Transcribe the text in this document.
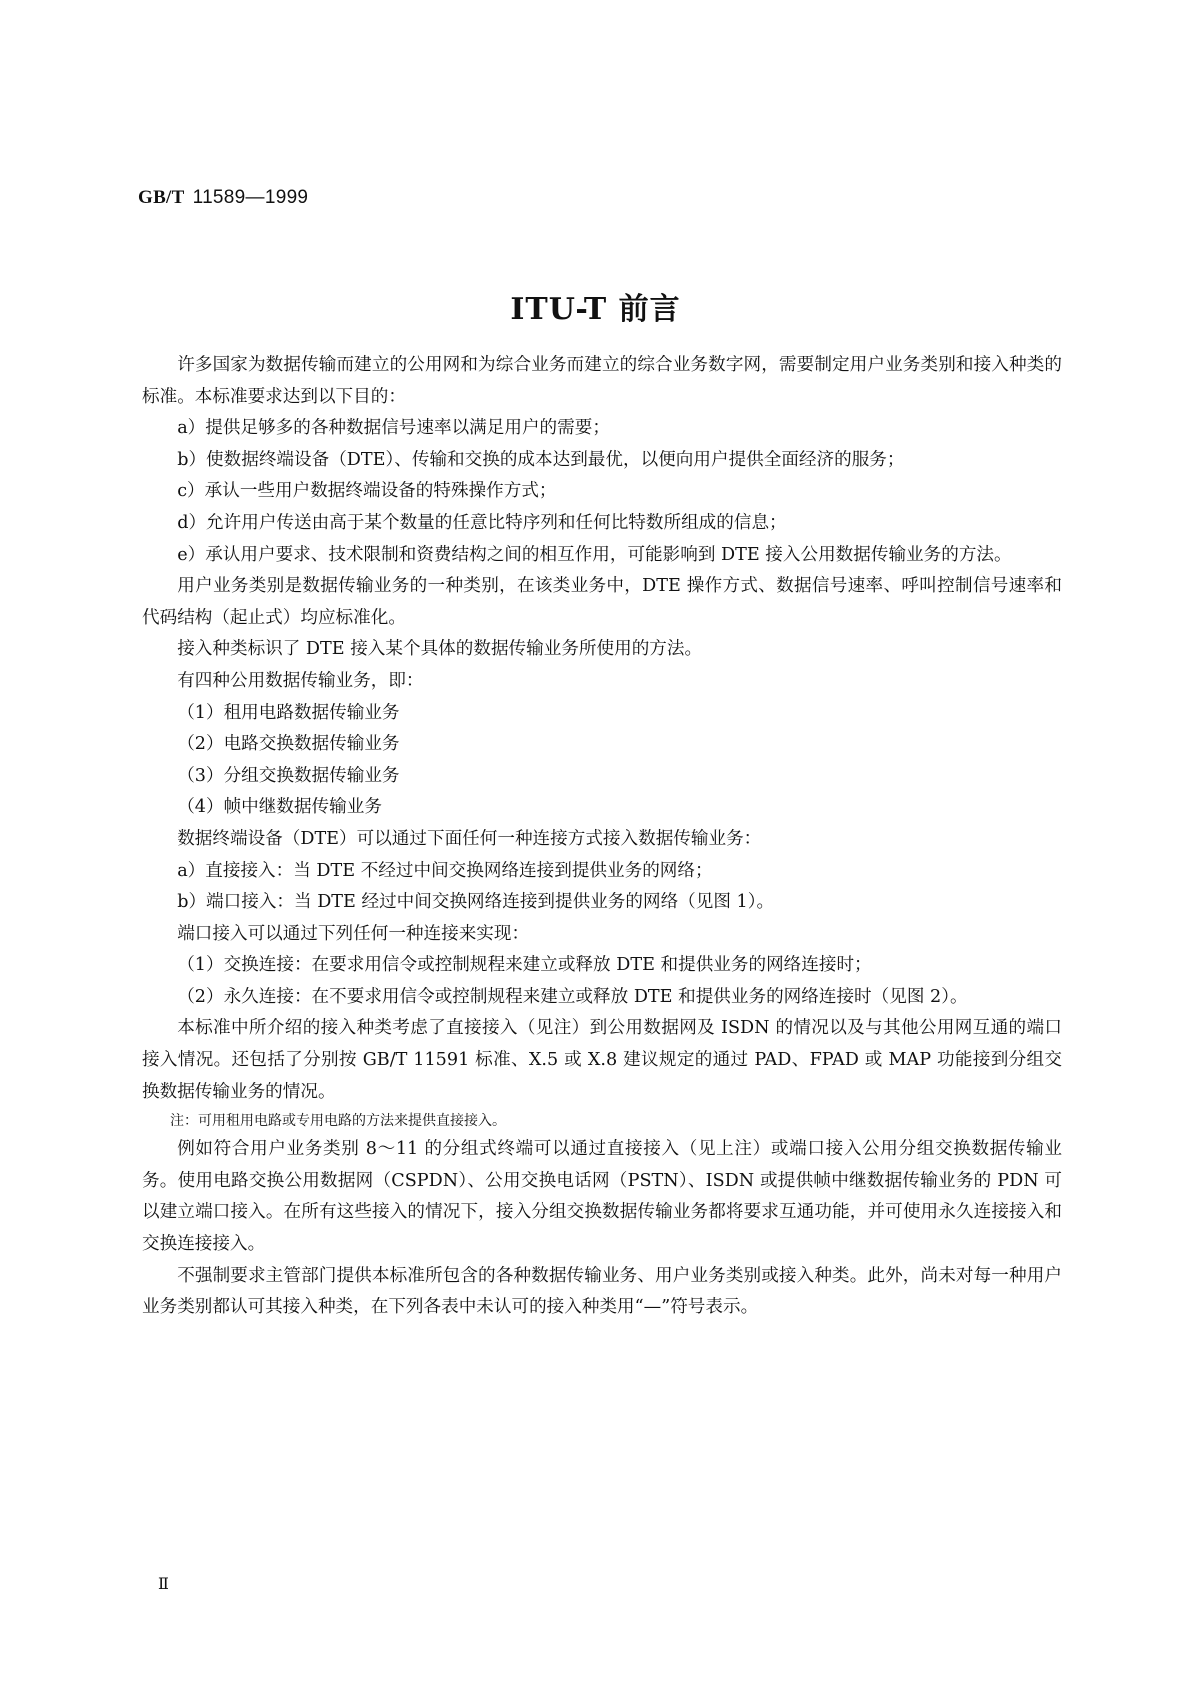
GB/T 11589—1999
ITU-T 前言

许多国家为数据传输而建立的公用网和为综合业务而建立的综合业务数字网，需要制定用户业务类别和接入种类的标准。本标准要求达到以下目的：

a）提供足够多的各种数据信号速率以满足用户的需要；

b）使数据终端设备（DTE）、传输和交换的成本达到最优，以便向用户提供全面经济的服务；

c）承认一些用户数据终端设备的特殊操作方式；

d）允许用户传送由高于某个数量的任意比特序列和任何比特数所组成的信息；

e）承认用户要求、技术限制和资费结构之间的相互作用，可能影响到 DTE 接入公用数据传输业务的方法。

用户业务类别是数据传输业务的一种类别，在该类业务中，DTE 操作方式、数据信号速率、呼叫控制信号速率和代码结构（起止式）均应标准化。

接入种类标识了 DTE 接入某个具体的数据传输业务所使用的方法。

有四种公用数据传输业务，即：

（1）租用电路数据传输业务

（2）电路交换数据传输业务

（3）分组交换数据传输业务

（4）帧中继数据传输业务

数据终端设备（DTE）可以通过下面任何一种连接方式接入数据传输业务：

a）直接接入：当 DTE 不经过中间交换网络连接到提供业务的网络；

b）端口接入：当 DTE 经过中间交换网络连接到提供业务的网络（见图 1）。

端口接入可以通过下列任何一种连接来实现：

（1）交换连接：在要求用信令或控制规程来建立或释放 DTE 和提供业务的网络连接时；

（2）永久连接：在不要求用信令或控制规程来建立或释放 DTE 和提供业务的网络连接时（见图 2）。

本标准中所介绍的接入种类考虑了直接接入（见注）到公用数据网及 ISDN 的情况以及与其他公用网互通的端口接入情况。还包括了分别按 GB/T 11591 标准、X.5 或 X.8 建议规定的通过 PAD、FPAD 或 MAP 功能接到分组交换数据传输业务的情况。

注：可用租用电路或专用电路的方法来提供直接接入。

例如符合用户业务类别 8～11 的分组式终端可以通过直接接入（见上注）或端口接入公用分组交换数据传输业务。使用电路交换公用数据网（CSPDN）、公用交换电话网（PSTN）、ISDN 或提供帧中继数据传输业务的 PDN 可以建立端口接入。在所有这些接入的情况下，接入分组交换数据传输业务都将要求互通功能，并可使用永久连接接入和交换连接接入。

不强制要求主管部门提供本标准所包含的各种数据传输业务、用户业务类别或接入种类。此外，尚未对每一种用户业务类别都认可其接入种类，在下列各表中未认可的接入种类用“—”符号表示。

Ⅱ
